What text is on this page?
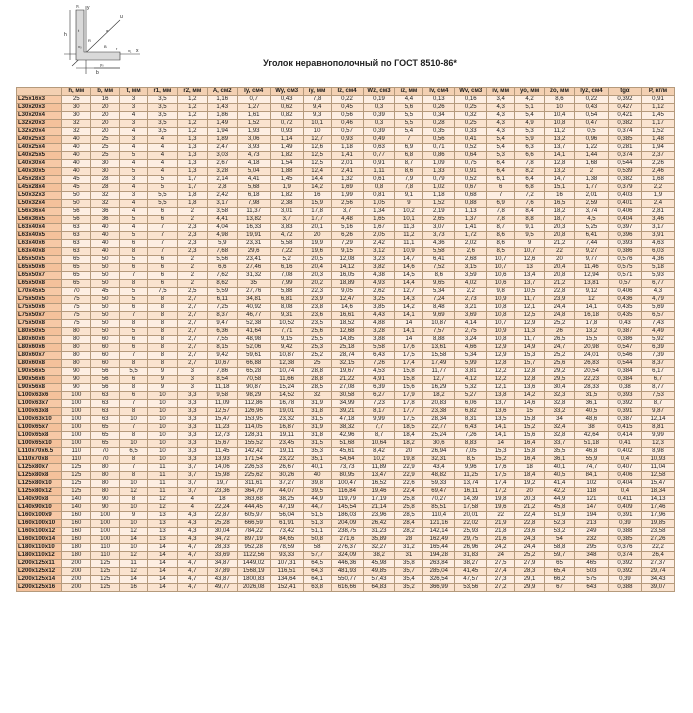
y
y₁
u
x
x₁
x₀
y₀
b
B
t
R
r
h
α
Уголок неравнополочный по ГОСТ 8510-86*
	h, мм	b, мм	t, мм	r1, мм	r2, мм	A, см2	Iy, см4	Wy, см3	iy, мм	Iz, см4	Wz, см3	iz, мм	Iv, см4	Wv, см3	iv, мм	yo, мм	zo, мм	Iyz, см4	tgα	P, кг/м
L25x16x3	25	16	3	3,5	1,2	1,16	0,7	0,43	7,8	0,22	0,19	4,4	0,13	0,16	3,4	4,2	8,6	0,22	0,392	0,91
L30x20x3	30	20	3	3,5	1,2	1,43	1,27	0,62	9,4	0,45	0,3	5,6	0,26	0,25	4,3	5,1	10	0,43	0,427	1,12
L30x20x4	30	20	4	3,5	1,2	1,86	1,61	0,82	9,3	0,56	0,39	5,5	0,34	0,32	4,3	5,4	10,4	0,54	0,421	1,45
L32x20x3	32	20	3	3,5	1,2	1,49	1,52	0,72	10,1	0,46	0,3	5,5	0,28	0,25	4,3	4,9	10,8	0,47	0,382	1,17
L32x20x4	32	20	4	3,5	1,2	1,94	1,93	0,93	10	0,57	0,39	5,4	0,35	0,33	4,3	5,3	11,2	0,5	0,374	1,52
L40x25x3	40	25	3	4	1,3	1,89	3,06	1,14	12,7	0,93	0,49	7	0,56	0,41	5,4	5,9	13,2	0,96	0,385	1,48
L40x25x4	40	25	4	4	1,3	2,47	3,93	1,49	12,6	1,18	0,63	6,9	0,71	0,52	5,4	6,3	13,7	1,22	0,281	1,94
L40x25x5	40	25	5	4	1,3	3,03	4,73	1,82	12,5	1,41	0,77	6,8	0,86	0,64	5,3	6,6	14,1	1,44	0,374	2,37
L40x30x4	40	30	4	4	1,3	2,67	4,18	1,54	12,5	2,01	0,91	8,7	1,09	0,75	6,4	7,8	12,8	1,68	0,544	2,26
L40x30x5	40	30	5	4	1,3	3,28	5,04	1,88	12,4	2,41	1,11	8,6	1,33	0,91	6,4	8,2	13,2	2	0,539	2,46
L45x28x3	45	28	3	5	1,7	2,14	4,41	1,45	14,4	1,32	0,61	7,9	0,79	0,52	6,1	6,4	14,7	1,38	0,382	1,68
L45x28x4	45	28	4	5	1,7	2,8	5,68	1,9	14,2	1,69	0,8	7,8	1,02	0,67	6	6,8	15,1	1,77	0,379	2,2
L50x32x3	50	32	3	5,5	1,8	2,42	6,18	1,82	16	1,99	0,81	9,1	1,18	0,68	7	7,2	16	2,01	0,403	1,9
L50x32x4	50	32	4	5,5	1,8	3,17	7,98	2,38	15,9	2,56	1,05	9	1,52	0,88	6,9	7,6	16,5	2,59	0,401	2,4
L56x36x4	56	36	4	6	2	3,58	11,37	3,01	17,8	3,7	1,34	10,2	2,19	1,13	7,8	8,4	18,2	3,74	0,406	2,81
L56x36x5	56	36	5	6	2	4,41	13,82	3,7	17,7	4,48	1,65	10,1	2,65	1,37	7,8	8,8	18,7	4,5	0,404	3,46
L63x40x4	63	40	4	7	2,3	4,04	16,33	3,83	20,1	5,16	1,67	11,3	3,07	1,41	8,7	9,1	20,3	5,25	0,397	3,17
L63x40x5	63	40	5	7	2,3	4,98	19,91	4,72	20	6,26	2,05	11,2	3,73	1,72	8,6	9,5	20,8	6,41	0,396	3,91
L63x40x6	63	40	6	7	2,3	5,9	23,31	5,58	19,9	7,29	2,42	11,1	4,36	2,02	8,6	9	21,2	7,44	0,393	4,63
L63x40x8	63	40	8	7	2,3	7,68	29,6	7,22	19,6	9,15	3,12	10,9	5,58	2,6	8,5	10,7	22	9,27	0,386	6,03
L65x50x5	65	50	5	6	2	5,56	23,41	5,2	20,5	12,08	3,23	14,7	6,41	2,68	10,7	12,6	20	9,77	0,576	4,36
L65x50x6	65	50	6	6	2	6,6	27,46	6,16	20,4	14,12	3,82	14,6	7,52	3,15	10,7	13	20,4	11,46	0,575	5,18
L65x50x7	65	50	7	6	2	7,62	31,32	7,08	20,3	16,05	4,38	14,5	8,6	3,59	10,6	13,4	20,8	12,94	0,571	5,93
L65x50x8	65	50	8	6	2	8,62	35	7,99	20,2	18,89	4,93	14,4	9,65	4,02	10,6	13,7	21,2	13,81	0,57	6,77
L70x45x5	70	45	5	7,5	2,5	5,59	27,76	5,88	22,3	9,05	2,62	12,7	5,34	2,2	9,8	10,5	22,8	9,12	0,406	4,3
L75x50x5	75	50	5	8	2,7	6,11	34,81	6,81	23,9	12,47	3,25	14,3	7,24	2,73	10,9	11,7	23,9	12	0,436	4,79
L75x50x6	75	50	6	8	2,7	7,25	40,92	8,08	23,8	14,6	3,85	14,2	8,48	3,21	10,8	12,1	24,4	14,1	0,435	5,69
L75x50x7	75	50	7	8	2,7	8,37	46,77	9,31	23,6	16,61	4,43	14,1	9,69	3,69	10,8	12,5	24,8	16,18	0,435	6,57
L75x50x8	75	50	8	8	2,7	9,47	52,38	10,52	23,5	18,52	4,88	14	10,87	4,14	10,7	12,9	25,2	17,8	0,43	7,43
L80x50x5	80	50	5	8	2,7	6,36	41,64	7,71	25,6	12,68	3,28	14,1	7,57	2,75	10,9	11,3	26	13,2	0,387	4,49
L80x60x6	80	60	6	8	2,7	7,55	48,98	9,15	25,5	14,85	3,88	14	8,88	3,24	10,8	11,7	26,5	15,5	0,386	5,92
L80x60x6	80	60	6	8	2,7	8,15	52,06	9,42	25,3	25,18	5,58	17,6	13,61	4,66	12,9	14,9	24,7	20,98	0,547	6,39
L80x60x7	80	60	7	8	2,7	9,42	59,61	10,87	25,2	28,74	6,43	17,5	15,58	5,34	12,9	15,3	25,2	24,01	0,546	7,39
L80x60x8	80	60	8	8	2,7	10,67	66,88	12,38	25	32,15	7,26	17,4	17,49	5,99	12,8	15,7	25,6	26,83	0,544	8,37
L90x56x5	90	56	5,5	9	3	7,86	65,28	10,74	28,8	19,67	4,53	15,8	11,77	3,81	12,2	12,8	29,2	20,54	0,384	6,17
L90x56x6	90	56	6	9	3	8,54	70,58	11,66	28,8	21,22	4,91	15,8	12,7	4,12	12,2	12,8	29,5	22,23	0,384	6,7
L90x56x8	90	56	8	9	3	11,18	90,87	15,24	28,5	27,08	6,39	15,6	16,29	5,32	12,1	13,6	30,4	28,33	0,38	8,77
L100x63x6	100	63	6	10	3,3	9,58	98,29	14,52	32	30,58	6,27	17,9	18,2	5,27	13,8	14,2	32,3	31,5	0,393	7,53
L100x63x7	100	63	7	10	3,3	11,09	112,86	16,78	31,9	34,99	7,23	17,8	20,83	6,06	13,7	14,6	32,8	36,1	0,392	8,7
L100x63x8	100	63	8	10	3,3	12,57	126,96	19,01	31,8	39,21	8,17	17,7	23,38	6,82	13,6	15	33,2	40,5	0,391	9,87
L100x63x10	100	63	10	10	3,3	15,47	153,95	23,32	31,5	47,18	9,99	17,5	28,34	8,31	13,5	15,8	34	48,6	0,387	12,14
L100x65x7	100	65	7	10	3,3	11,23	114,05	16,87	31,9	38,32	7,7	18,5	22,77	6,43	14,1	15,2	32,4	38	0,415	8,81
L100x65x8	100	65	8	10	3,3	12,73	128,31	19,11	31,8	42,96	8,7	18,4	25,24	7,26	14,1	15,6	32,8	42,64	0,414	9,99
L100x65x10	100	65	10	10	3,3	15,67	155,52	23,45	31,5	51,68	10,64	18,2	30,6	8,83	14	16,4	33,7	51,18	0,41	12,3
L110x70x6.5	110	70	6,5	10	3,3	11,45	142,42	19,11	35,3	45,61	8,42	20	26,94	7,05	15,3	15,8	35,5	46,8	0,402	8,98
L110x70x8	110	70	8	10	3,3	13,93	171,54	23,22	35,1	54,64	10,2	19,8	32,31	8,5	15,2	16,4	36,1	55,9	0,4	10,93
L125x80x7	125	80	7	11	3,7	14,06	226,53	26,67	40,1	73,73	11,89	22,9	43,4	9,96	17,6	18	40,1	74,7	0,407	11,04
L125x80x8	125	80	8	11	3,7	15,98	225,62	30,26	40	80,95	13,47	22,9	48,82	11,25	17,5	18,4	40,5	84,1	0,406	12,58
L125x80x10	125	80	10	11	3,7	19,7	311,61	37,27	39,8	100,47	16,52	22,6	59,33	13,74	17,4	19,2	41,4	102	0,404	15,47
L125x80x12	125	80	12	11	3,7	23,36	364,79	44,07	39,5	116,84	19,46	22,4	69,47	16,11	17,2	20	42,2	118	0,4	18,34
L140x90x8	140	90	8	12	4	18	363,68	38,25	44,9	119,79	17,19	25,8	70,27	14,39	19,8	20,3	44,9	121	0,411	14,13
L140x90x10	140	90	10	12	4	22,24	444,45	47,19	44,7	145,54	21,14	25,8	85,51	17,58	19,6	21,2	45,8	147	0,409	17,46
L160x100x9	160	100	9	13	4,3	22,87	605,97	56,04	51,5	186,03	23,96	28,5	110,4	20,01	22	22,4	51,9	194	0,391	17,96
L160x100x10	160	100	10	13	4,3	25,28	666,59	61,91	51,3	204,09	26,42	28,4	121,16	22,02	21,9	22,8	52,3	213	0,39	19,85
L160x100x12	160	100	12	13	4,3	30,04	784,22	73,42	51,1	238,75	31,23	28,2	142,14	25,93	21,8	23,6	53,2	249	0,388	23,58
L160x100x14	160	100	14	13	4,3	34,72	897,19	84,65	50,8	271,6	35,89	28	162,49	29,75	21,6	24,3	54	232	0,385	27,26
L180x110x10	180	110	10	14	4,7	28,33	952,28	78,59	58	276,37	32,27	31,2	165,44	26,96	24,2	24,4	58,8	295	0,376	22,2
L180x110x12	180	110	12	14	4,7	33,69	1122,56	93,33	57,7	324,09	38,2	31	194,28	31,83	24	25,2	59,7	348	0,374	26,4
L200x125x11	200	125	11	14	4,7	34,87	1449,02	107,31	64,5	446,36	45,98	35,8	263,84	38,27	27,5	27,9	65	465	0,392	27,37
L200x125x12	200	125	12	14	4,7	37,89	1568,19	116,51	64,3	481,93	49,85	35,7	285,04	41,45	27,4	28,3	65,4	503	0,392	29,74
L200x125x14	200	125	14	14	4,7	43,87	1800,83	134,64	64,1	550,77	57,43	35,4	326,54	47,57	27,3	29,1	66,2	575	0,39	34,43
L200x125x16	200	125	16	14	4,7	49,77	2026,08	152,41	63,8	616,66	64,83	35,2	366,99	53,56	27,2	29,9	67	643	0,388	39,07
